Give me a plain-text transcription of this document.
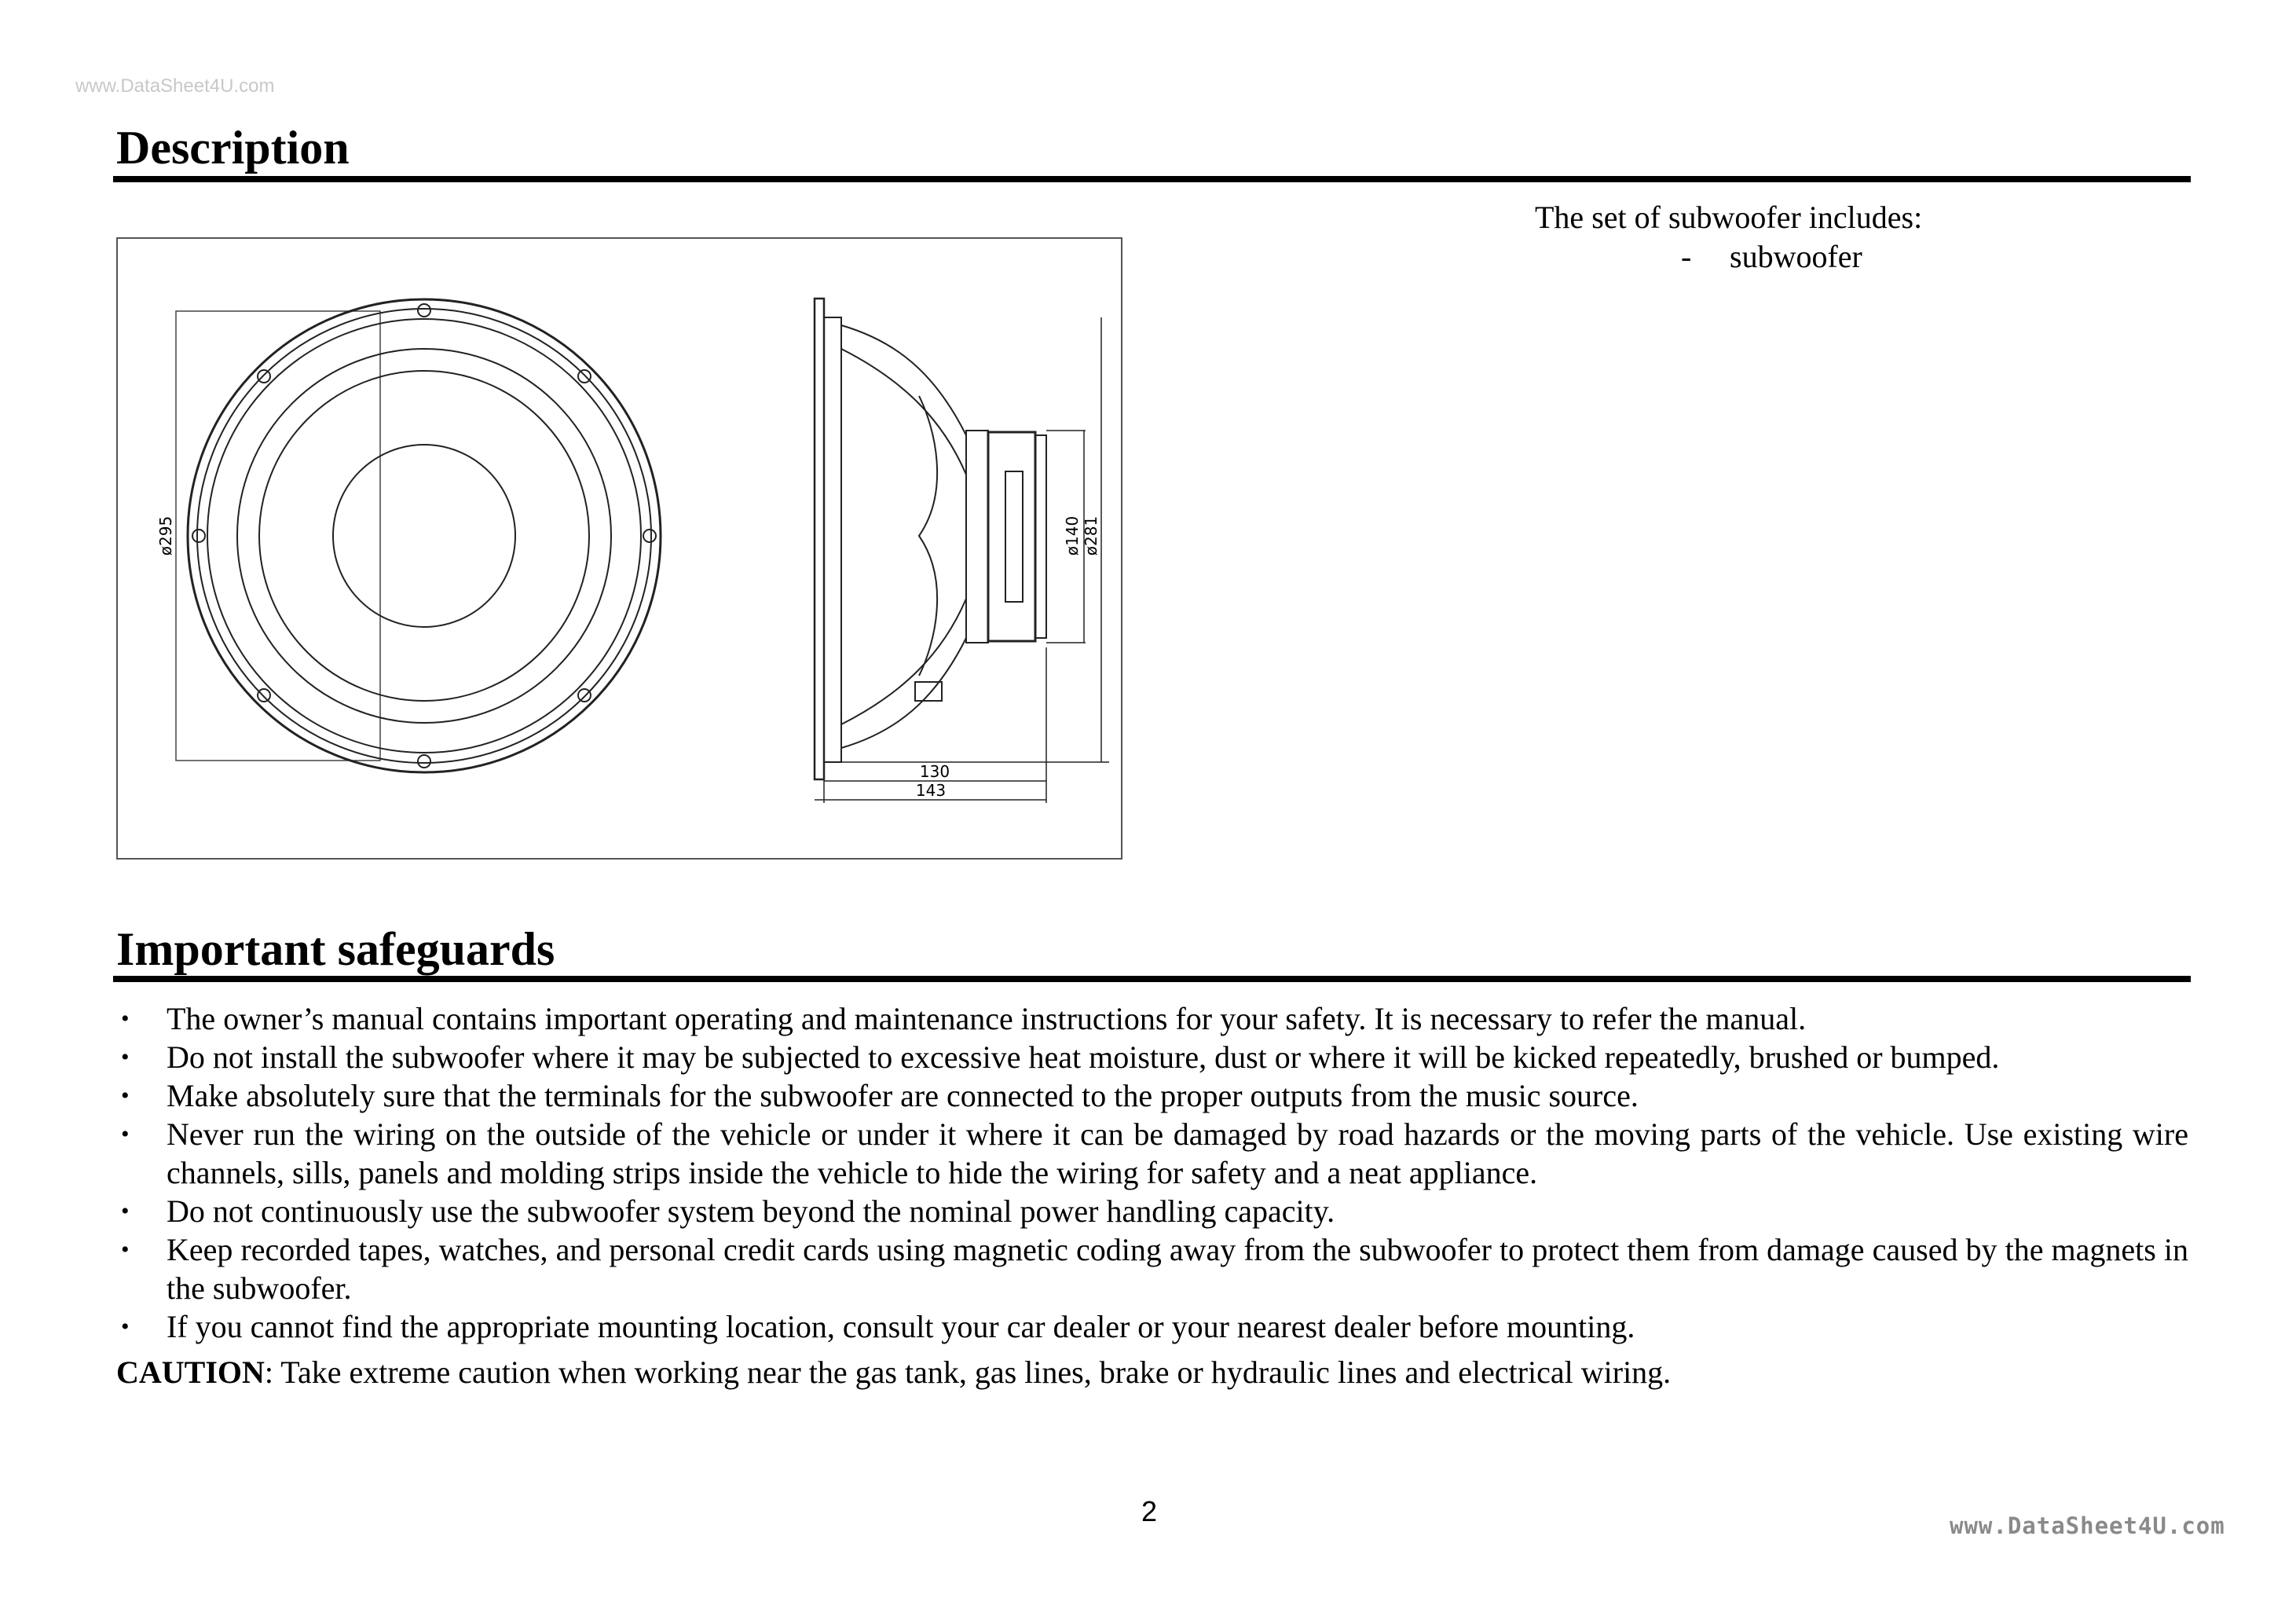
www.DataSheet4U.com
Description
ø295	ø140 ø281
130
143
The set of subwoofer includes:
- subwoofer
Important safeguards
• The owner’s manual contains important operating and maintenance instructions for your safety. It is necessary to refer the manual.
• Do not install the subwoofer where it may be subjected to excessive heat moisture, dust or where it will be kicked repeatedly, brushed or bumped.
• Make absolutely sure that the terminals for the subwoofer are connected to the proper outputs from the music source.
• Never run the wiring on the outside of the vehicle or under it where it can be damaged by road hazards or the moving parts of the vehicle. Use existing wire channels, sills, panels and molding strips inside the vehicle to hide the wiring for safety and a neat appliance.
• Do not continuously use the subwoofer system beyond the nominal power handling capacity.
• Keep recorded tapes, watches, and personal credit cards using magnetic coding away from the subwoofer to protect them from damage caused by the magnets in the subwoofer.
• If you cannot find the appropriate mounting location, consult your car dealer or your nearest dealer before mounting.
CAUTION: Take extreme caution when working near the gas tank, gas lines, brake or hydraulic lines and electrical wiring.
2	www.DataSheet4U.com
